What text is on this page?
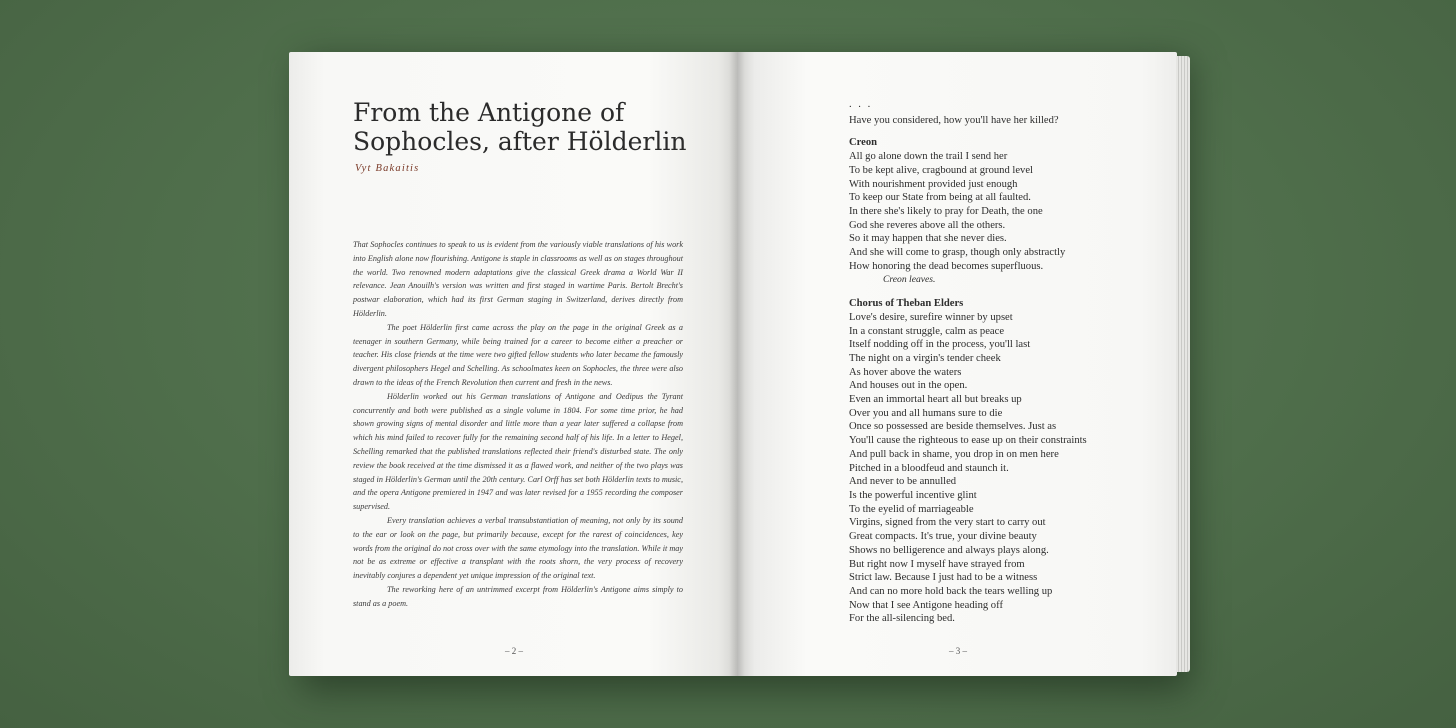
From the Antigone of Sophocles, after Hölderlin
Vyt Bakaitis

That Sophocles continues to speak to us is evident from the variously viable translations of his work into English alone now flourishing. Antigone is staple in classrooms as well as on stages throughout the world. Two renowned modern adaptations give the classical Greek drama a World War II relevance. Jean Anouilh's version was written and first staged in wartime Paris. Bertolt Brecht's postwar elaboration, which had its first German staging in Switzerland, derives directly from Hölderlin.

The poet Hölderlin first came across the play on the page in the original Greek as a teenager in southern Germany, while being trained for a career to become either a preacher or teacher. His close friends at the time were two gifted fellow students who later became the famously divergent philosophers Hegel and Schelling. As schoolmates keen on Sophocles, the three were also drawn to the ideas of the French Revolution then current and fresh in the news.

Hölderlin worked out his German translations of Antigone and Oedipus the Tyrant concurrently and both were published as a single volume in 1804. For some time prior, he had shown growing signs of mental disorder and little more than a year later suffered a collapse from which his mind failed to recover fully for the remaining second half of his life. In a letter to Hegel, Schelling remarked that the published translations reflected their friend's disturbed state. The only review the book received at the time dismissed it as a flawed work, and neither of the two plays was staged in Hölderlin's German until the 20th century. Carl Orff has set both Hölderlin texts to music, and the opera Antigone premiered in 1947 and was later revised for a 1955 recording the composer supervised.

Every translation achieves a verbal transubstantiation of meaning, not only by its sound to the ear or look on the page, but primarily because, except for the rarest of coincidences, key words from the original do not cross over with the same etymology into the translation. While it may not be as extreme or effective a transplant with the roots shorn, the very process of recovery inevitably conjures a dependent yet unique impression of the original text.

The reworking here of an untrimmed excerpt from Hölderlin's Antigone aims simply to stand as a poem.

– 2 –
. . .
Have you considered, how you'll have her killed?
Creon
All go alone down the trail I send her
To be kept alive, cragbound at ground level
With nourishment provided just enough
To keep our State from being at all faulted.
In there she's likely to pray for Death, the one
God she reveres above all the others.
So it may happen that she never dies.
And she will come to grasp, though only abstractly
How honoring the dead becomes superfluous.
Creon leaves.
Chorus of Theban Elders
Love's desire, surefire winner by upset
In a constant struggle, calm as peace
Itself nodding off in the process, you'll last
The night on a virgin's tender cheek
As hover above the waters
And houses out in the open.
Even an immortal heart all but breaks up
Over you and all humans sure to die
Once so possessed are beside themselves. Just as
You'll cause the righteous to ease up on their constraints
And pull back in shame, you drop in on men here
Pitched in a bloodfeud and staunch it.
And never to be annulled
Is the powerful incentive glint
To the eyelid of marriageable
Virgins, signed from the very start to carry out
Great compacts. It's true, your divine beauty
Shows no belligerence and always plays along.
But right now I myself have strayed from
Strict law. Because I just had to be a witness
And can no more hold back the tears welling up
Now that I see Antigone heading off
For the all-silencing bed.
– 3 –
